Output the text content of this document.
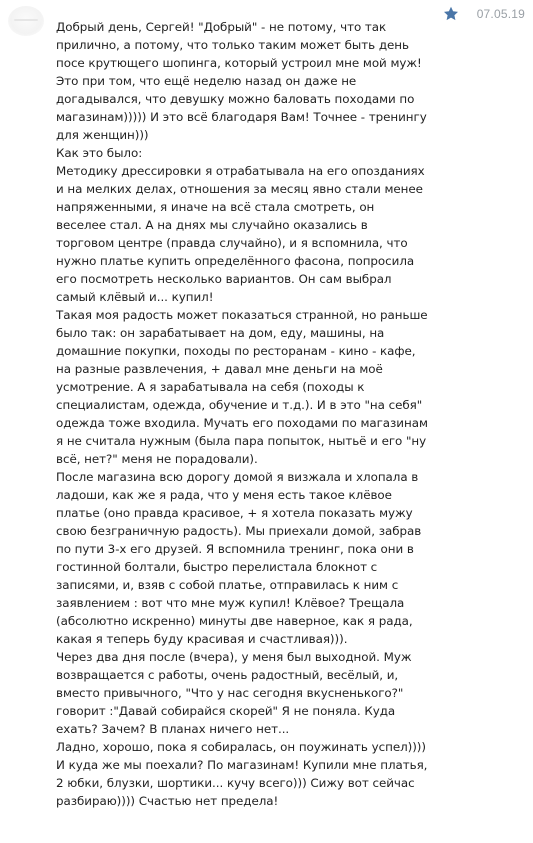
07.05.19

Добрый день, Сергей! "Добрый" - не потому, что так прилично, а потому, что только таким может быть день посе крутющего шопинга, который устроил мне мой муж! Это при том, что ещё неделю назад он даже не догадывался, что девушку можно баловать походами по магазинам))))) И это всё благодаря Вам! Точнее - тренингу для женщин)))

Как это было:

Методику дрессировки я отрабатывала на его опозданиях и на мелких делах, отношения за месяц явно стали менее напряженными, я иначе на всё стала смотреть, он веселее стал. А на днях мы случайно оказались в торговом центре (правда случайно), и я вспомнила, что нужно платье купить определённого фасона, попросила его посмотреть несколько вариантов. Он сам выбрал самый клёвый и... купил!

Такая моя радость может показаться странной, но раньше было так: он зарабатывает на дом, еду, машины, на домашние покупки, походы по ресторанам - кино - кафе, на разные развлечения, + давал мне деньги на моё усмотрение. А я зарабатывала на себя (походы к специалистам, одежда, обучение и т.д.). И в это "на себя" одежда тоже входила. Мучать его походами по магазинам я не считала нужным (была пара попыток, нытьё и его "ну всё, нет?" меня не порадовали).

После магазина всю дорогу домой я визжала и хлопала в ладоши, как же я рада, что у меня есть такое клёвое платье (оно правда красивое, + я хотела показать мужу свою безграничную радость). Мы приехали домой, забрав по пути 3-х его друзей. Я вспомнила тренинг, пока они в гостинной болтали, быстро перелистала блокнот с записями, и, взяв с собой платье, отправилась к ним с заявлением : вот что мне муж купил! Клёвое? Трещала (абсолютно искренно) минуты две наверное, как я рада, какая я теперь буду красивая и счастливая))).

Через два дня после (вчера), у меня был выходной. Муж возвращается с работы, очень радостный, весёлый, и, вместо привычного, "Что у нас сегодня вкусненького?" говорит :"Давай собирайся скорей" Я не поняла. Куда ехать? Зачем? В планах ничего нет...

Ладно, хорошо, пока я собиралась, он поужинать успел)))) И куда же мы поехали? По магазинам! Купили мне платья, 2 юбки, блузки, шортики... кучу всего))) Сижу вот сейчас разбираю)))) Счастью нет предела!
